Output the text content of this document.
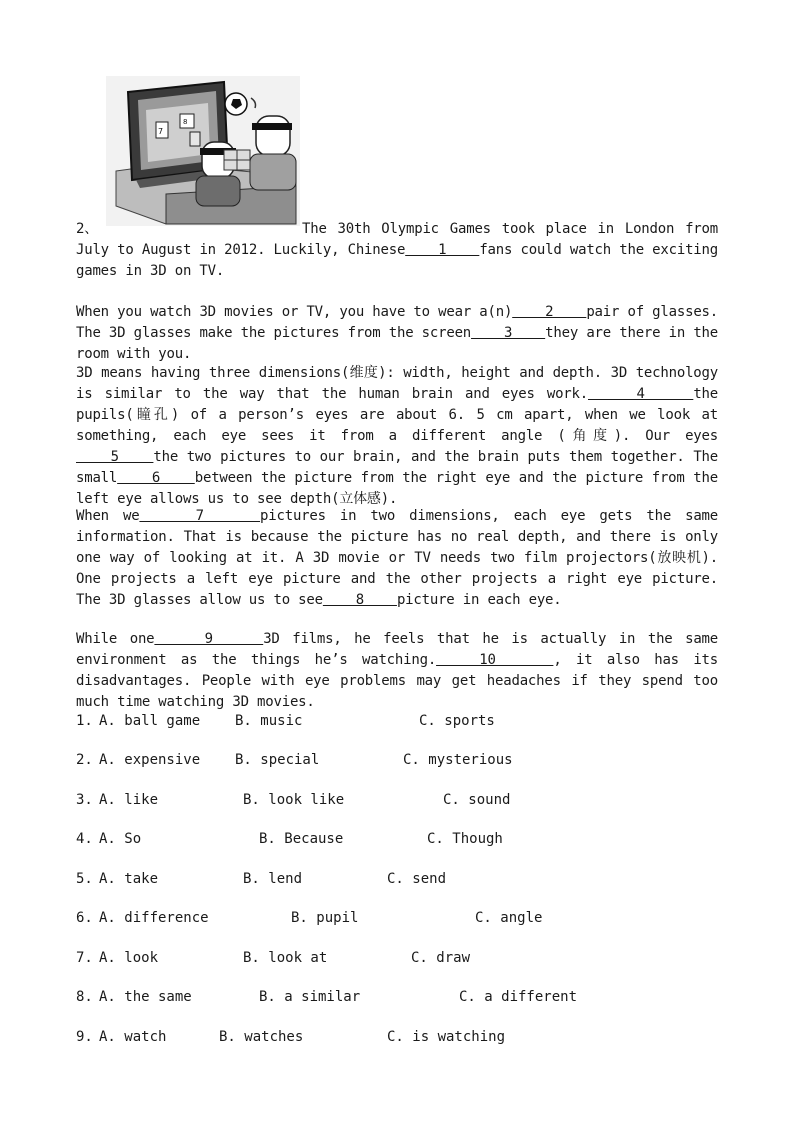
7
8

2、	The 30th Olympic Games took place in London from July to August in 2012. Luckily, Chinese    1    fans could watch the exciting games in 3D on TV.

When you watch 3D movies or TV, you have to wear a(n)    2    pair of glasses. The 3D glasses make the pictures from the screen    3    they are there in the room with you.

3D means having three dimensions(维度): width, height and depth. 3D technology is similar to the way that the human brain and eyes work.    4    the pupils(瞳孔) of a person’s eyes are about 6. 5 cm apart, when we look at something, each eye sees it from a different angle (角度). Our eyes    5    the two pictures to our brain, and the brain puts them together. The small    6    between the picture from the right eye and the picture from the left eye allows us to see depth(立体感).

When we    7    pictures in two dimensions, each eye gets the same information. That is because the picture has no real depth, and there is only one way of looking at it. A 3D movie or TV needs two film projectors(放映机). One projects a left eye picture and the other projects a right eye picture. The 3D glasses allow us to see    8    picture in each eye.

While one    9    3D films, he feels that he is actually in the same environment as the things he’s watching.   10    , it also has its disadvantages. People with eye problems may get headaches if they spend too much time watching 3D movies.

1. A. ball game B. music	C. sports
2. A. expensive B. special	C. mysterious
3. A. like	B. look like	C. sound
4. A. So	B. Because	C. Though
5. A. take	B. lend	C. send
6. A. difference	B. pupil	C. angle
7. A. look	B. look at	C. draw
8. A. the same	B. a similar	C. a different
9. A. watch	B. watches	C. is watching
